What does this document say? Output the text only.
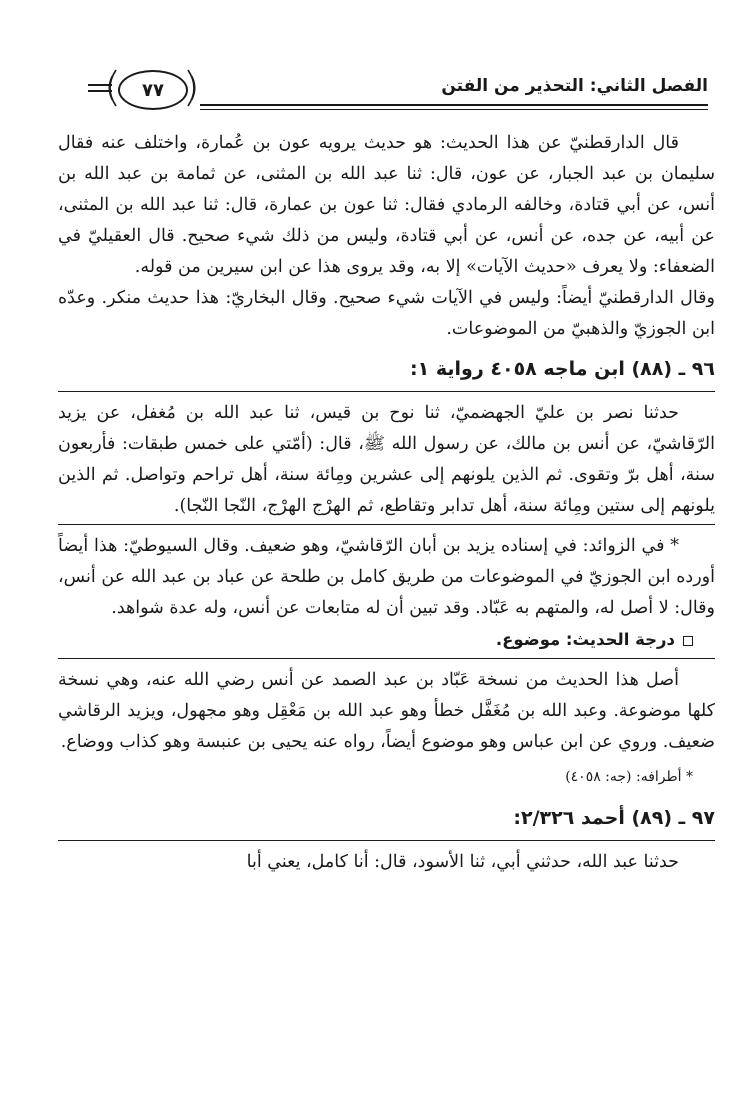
٧٧	الفصل الثاني: التحذير من الفتن

قال الدارقطنيّ عن هذا الحديث: هو حديث يرويه عون بن عُمارة، واختلف عنه فقال سليمان بن عبد الجبار، عن عون، قال: ثنا عبد الله بن المثنى، عن ثمامة بن عبد الله بن أنس، عن أبي قتادة، وخالفه الرمادي فقال: ثنا عون بن عمارة، قال: ثنا عبد الله بن المثنى، عن أبيه، عن جده، عن أنس، عن أبي قتادة، وليس من ذلك شيء صحيح. قال العقيليّ في الضعفاء: ولا يعرف «حديث الآيات» إلا به، وقد يروى هذا عن ابن سيرين من قوله.

وقال الدارقطنيّ أيضاً: وليس في الآيات شيء صحيح. وقال البخاريّ: هذا حديث منكر. وعدّه ابن الجوزيّ والذهبيّ من الموضوعات.

٩٦ ـ (٨٨) ابن ماجه ٤٠٥٨ رواية ١:

حدثنا نصر بن عليّ الجهضميّ، ثنا نوح بن قيس، ثنا عبد الله بن مُغفل، عن يزيد الرّقاشيّ، عن أنس بن مالك، عن رسول الله ﷺ، قال: (أمّتي على خمس طبقات: فأربعون سنة، أهل برّ وتقوى. ثم الذين يلونهم إلى عشرين ومِائة سنة، أهل تراحم وتواصل. ثم الذين يلونهم إلى ستين ومِائة سنة، أهل تدابر وتقاطع، ثم الهرْج الهرْج، النّجا النّجا).

* في الزوائد: في إسناده يزيد بن أبان الرّقاشيّ، وهو ضعيف. وقال السيوطيّ: هذا أيضاً أورده ابن الجوزيّ في الموضوعات من طريق كامل بن طلحة عن عباد بن عبد الله عن أنس، وقال: لا أصل له، والمتهم به عَبّاد. وقد تبين أن له متابعات عن أنس، وله عدة شواهد.

درجة الحديث: موضوع.

أصل هذا الحديث من نسخة عَبّاد بن عبد الصمد عن أنس رضي الله عنه، وهي نسخة كلها موضوعة. وعبد الله بن مُغَفَّل خطأ وهو عبد الله بن مَعْقِل وهو مجهول، ويزيد الرقاشي ضعيف. وروي عن ابن عباس وهو موضوع أيضاً، رواه عنه يحيى بن عنبسة وهو كذاب ووضاع.

* أطرافه: (جه: ٤٠٥٨)
٩٧ ـ (٨٩) أحمد ٢/٣٢٦:

حدثنا عبد الله، حدثني أبي، ثنا الأسود، قال: أنا كامل، يعني أبا
